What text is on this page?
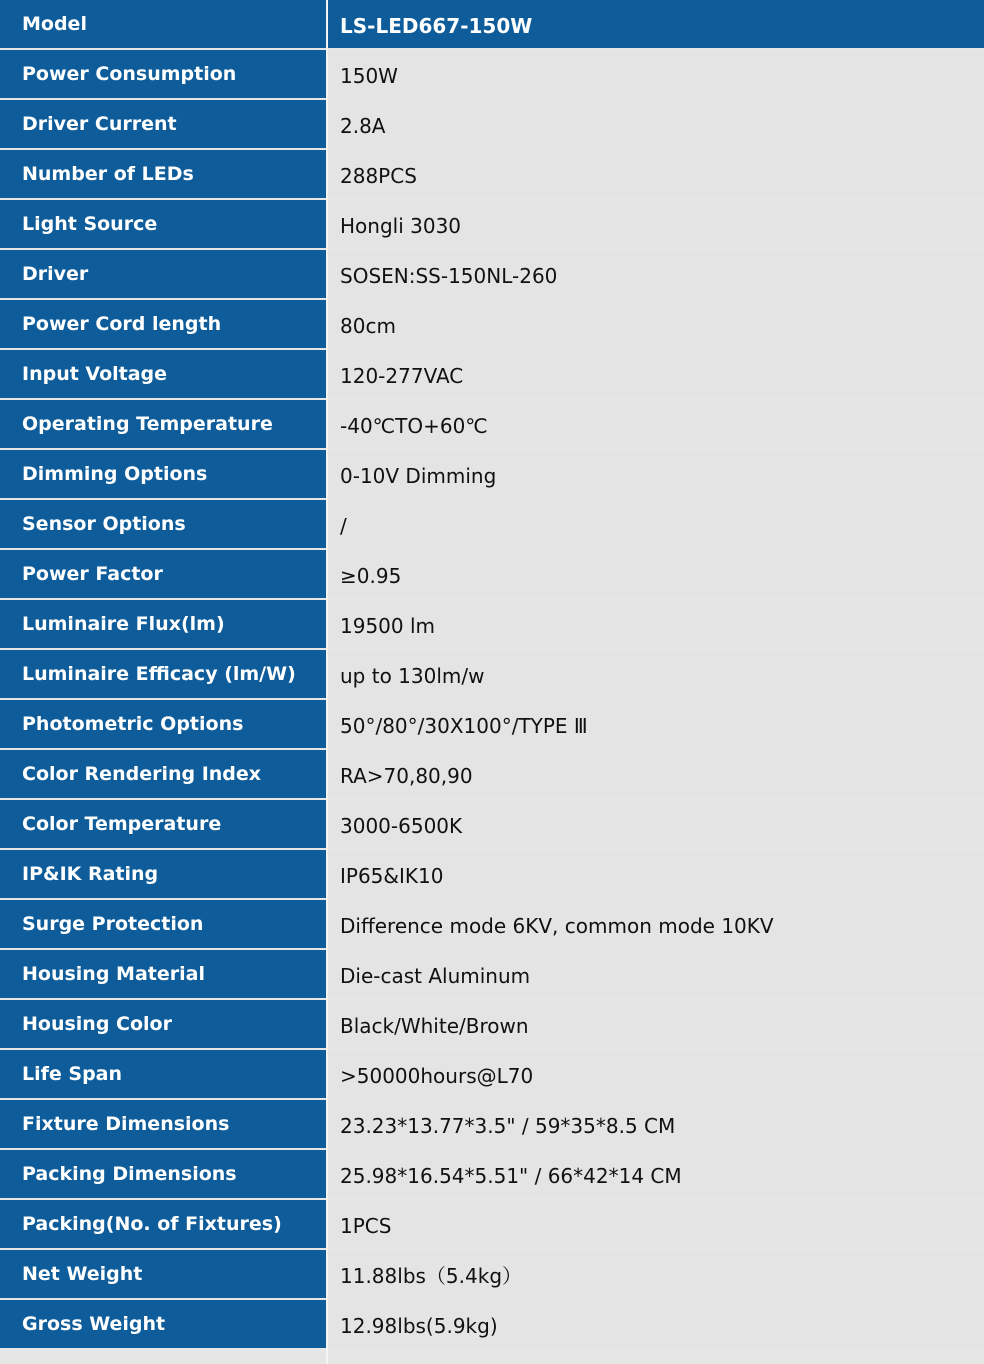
Model	LS-LED667-150W
Power Consumption	150W
Driver Current	2.8A
Number of LEDs	288PCS
Light Source	Hongli 3030
Driver	SOSEN:SS-150NL-260
Power Cord length	80cm
Input Voltage	120-277VAC
Operating Temperature	-40℃TO+60℃
Dimming Options	0-10V Dimming
Sensor Options	/
Power Factor	≥0.95
Luminaire Flux(lm)	19500 lm
Luminaire Efficacy (lm/W)	up to 130lm/w
Photometric Options	50°/80°/30X100°/TYPE Ⅲ
Color Rendering Index	RA>70,80,90
Color Temperature	3000-6500K
IP&IK Rating	IP65&IK10
Surge Protection	Difference mode 6KV, common mode 10KV
Housing Material	Die-cast Aluminum
Housing Color	Black/White/Brown
Life Span	>50000hours@L70
Fixture Dimensions	23.23*13.77*3.5" / 59*35*8.5 CM
Packing Dimensions	25.98*16.54*5.51" / 66*42*14 CM
Packing(No. of Fixtures)	1PCS
Net Weight	11.88lbs（5.4kg）
Gross Weight	12.98lbs(5.9kg)
